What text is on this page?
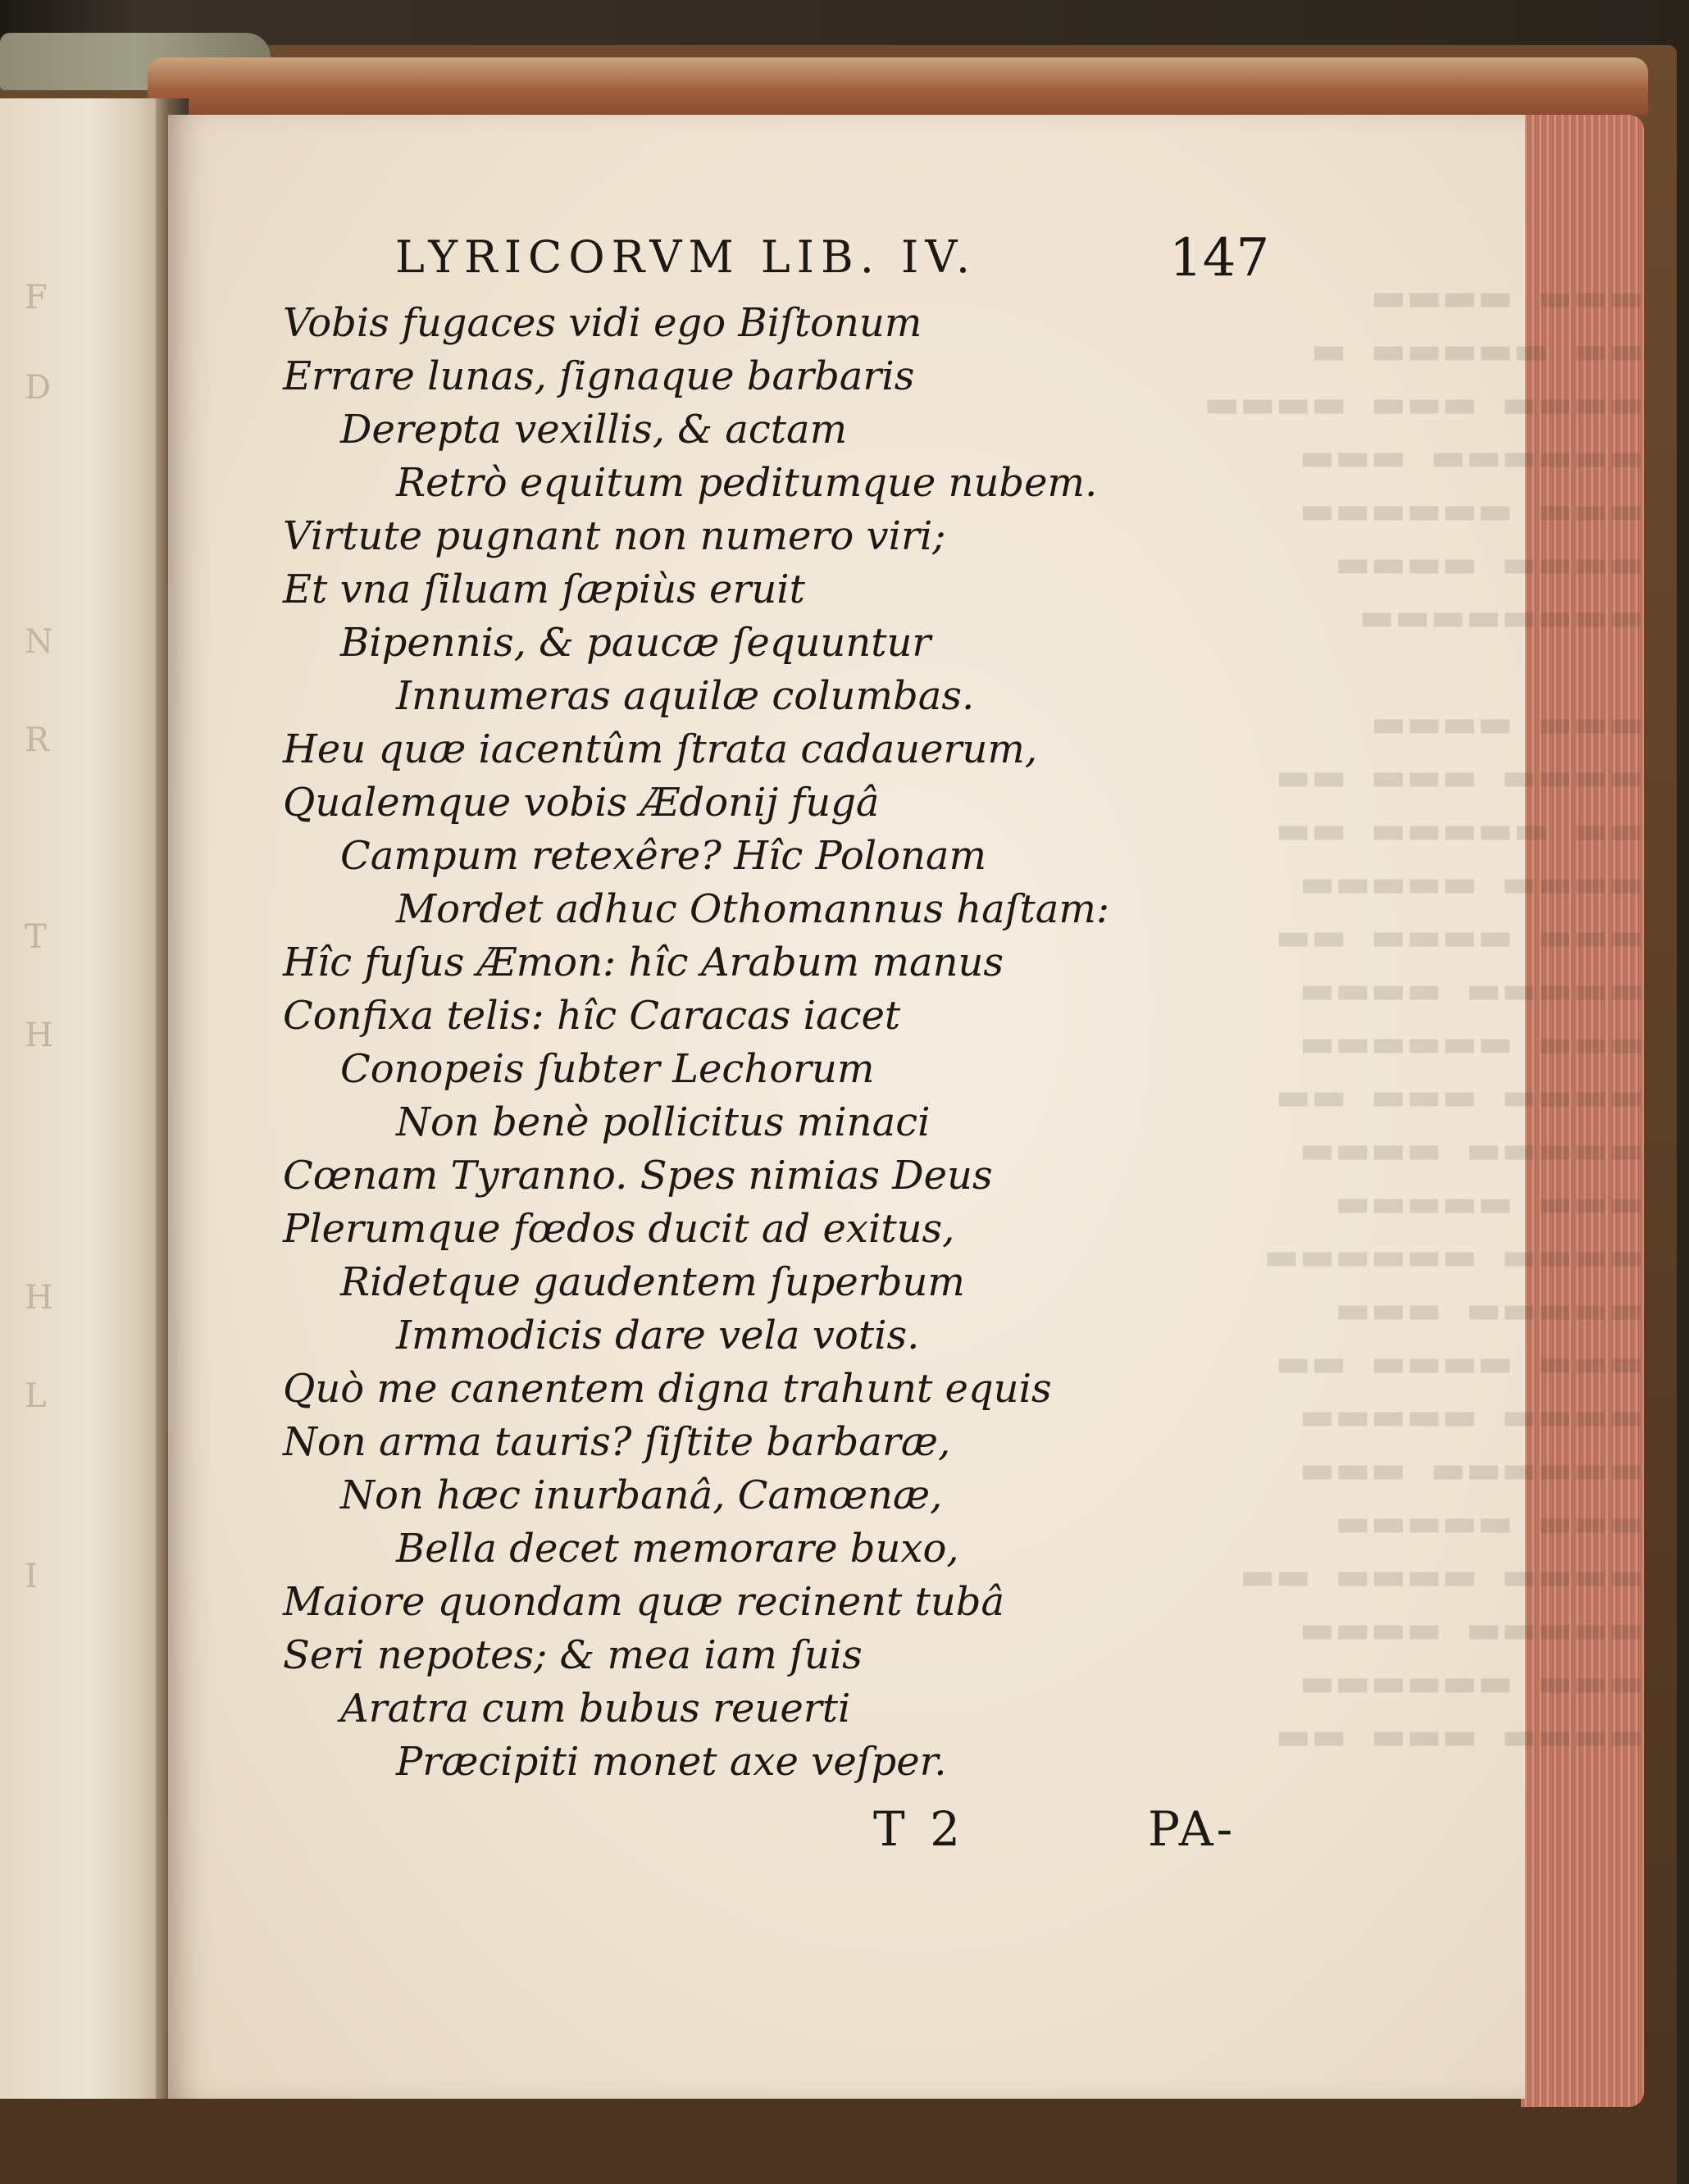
F
D
N
R
T
H
H
L
I
▬▬▬▬
▬▬▬▬▬  ▬
▬▬▬  ▬▬▬▬
▬▬▬
▬▬▬▬▬▬
▬▬▬▬
▬▬▬▬▬▬▬▬

▬▬▬▬
▬▬▬  ▬▬
▬▬▬▬▬  ▬▬
▬▬▬▬▬
▬▬▬▬  ▬▬
▬▬▬▬
▬▬▬▬▬▬
▬▬▬  ▬▬
▬▬▬▬
▬▬▬▬▬
▬▬▬▬▬▬
▬▬▬
▬▬▬▬  ▬▬
▬▬▬▬▬
▬▬▬
▬▬▬▬▬
▬▬▬▬  ▬▬
▬▬▬▬
▬▬▬▬▬▬
▬▬▬  ▬▬
LYRICORVM LIB. IV.	147
Vobis fugaces vidi ego Biſtonum
Errare lunas, ſignaque barbaris
Derepta vexillis, & actam
Retrò equitum peditumque nubem.
Virtute pugnant non numero viri;
Et vna ſiluam ſæpiùs eruit
Bipennis, & paucæ ſequuntur
Innumeras aquilæ columbas.
Heu quæ iacentûm ſtrata cadauerum,
Qualemque vobis Ædonij fugâ
Campum retexêre? Hîc Polonam
Mordet adhuc Othomannus haſtam:
Hîc fuſus Æmon: hîc Arabum manus
Confixa telis: hîc Caracas iacet
Conopeis ſubter Lechorum
Non benè pollicitus minaci
Cœnam Tyranno. Spes nimias Deus
Plerumque fœdos ducit ad exitus,
Ridetque gaudentem ſuperbum
Immodicis dare vela votis.
Quò me canentem digna trahunt equis
Non arma tauris? ſiſtite barbaræ,
Non hæc inurbanâ, Camœnæ,
Bella decet memorare buxo,
Maiore quondam quæ recinent tubâ
Seri nepotes; & mea iam ſuis
Aratra cum bubus reuerti
Præcipiti monet axe veſper.
T 2	PA-
